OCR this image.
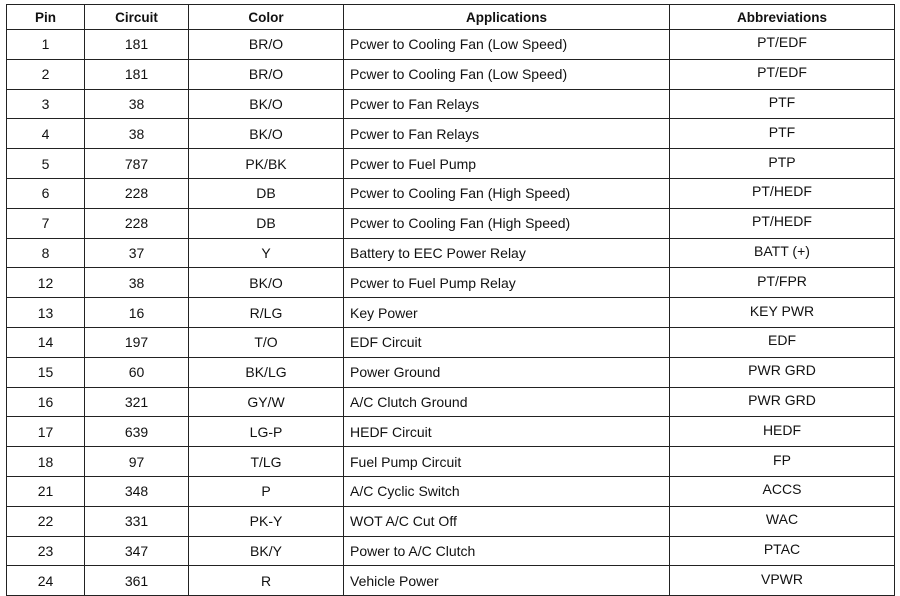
Pin	Circuit	Color	Applications	Abbreviations
1	181	BR/O	Pcwer to Cooling Fan (Low Speed)	PT/EDF
2	181	BR/O	Pcwer to Cooling Fan (Low Speed)	PT/EDF
3	38	BK/O	Pcwer to Fan Relays	PTF
4	38	BK/O	Pcwer to Fan Relays	PTF
5	787	PK/BK	Pcwer to Fuel Pump	PTP
6	228	DB	Pcwer to Cooling Fan (High Speed)	PT/HEDF
7	228	DB	Pcwer to Cooling Fan (High Speed)	PT/HEDF
8	37	Y	Battery to EEC Power Relay	BATT (+)
12	38	BK/O	Pcwer to Fuel Pump Relay	PT/FPR
13	16	R/LG	Key Power	KEY PWR
14	197	T/O	EDF Circuit	EDF
15	60	BK/LG	Power Ground	PWR GRD
16	321	GY/W	A/C Clutch Ground	PWR GRD
17	639	LG-P	HEDF Circuit	HEDF
18	97	T/LG	Fuel Pump Circuit	FP
21	348	P	A/C Cyclic Switch	ACCS
22	331	PK-Y	WOT A/C Cut Off	WAC
23	347	BK/Y	Power to A/C Clutch	PTAC
24	361	R	Vehicle Power	VPWR
